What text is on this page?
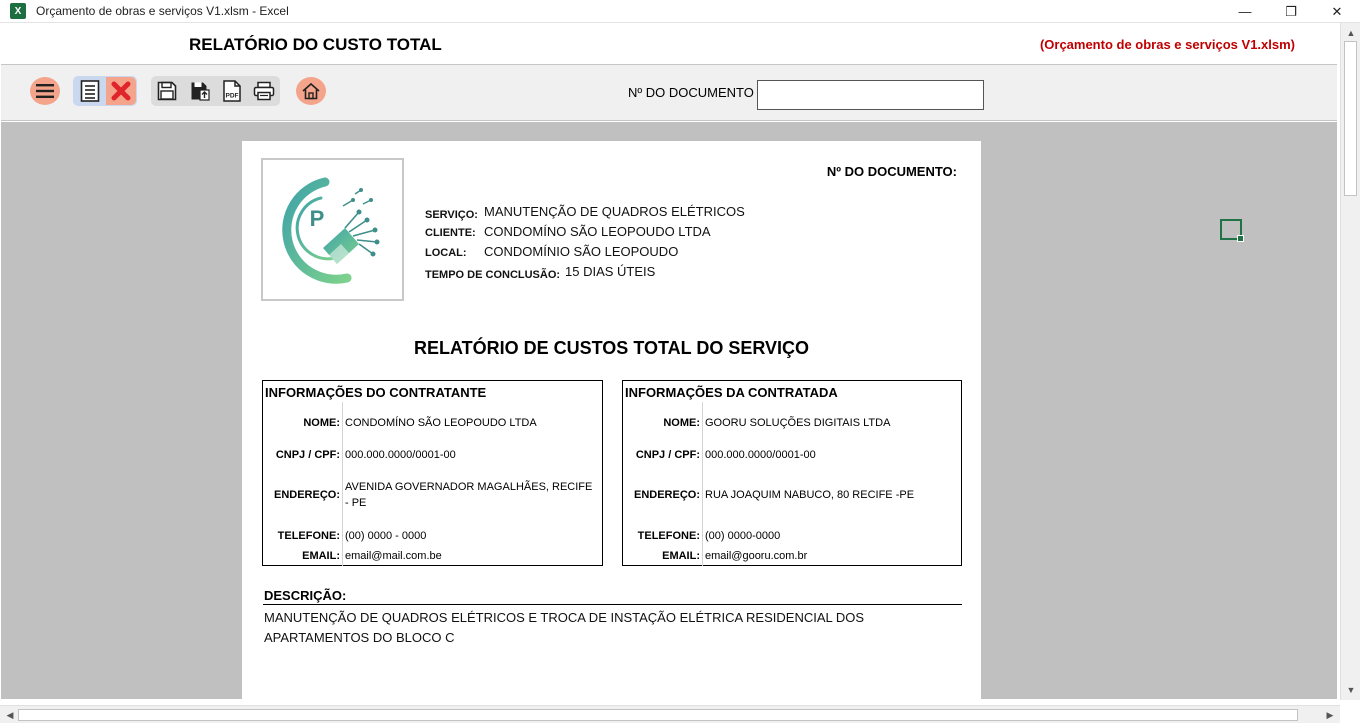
X	Orçamento de obras e serviços V1.xlsm - Excel	—	❐	✕
RELATÓRIO DO CUSTO TOTAL	(Orçamento de obras e serviços V1.xlsm)
PDF	Nº DO DOCUMENTO
P
Nº DO DOCUMENTO:
SERVIÇO: MANUTENÇÃO DE QUADROS ELÉTRICOS
CLIENTE: CONDOMÍNO SÃO LEOPOUDO LTDA
LOCAL: CONDOMÍNIO SÃO LEOPOUDO
TEMPO DE CONCLUSÃO: 15 DIAS ÚTEIS
RELATÓRIO DE CUSTOS TOTAL DO SERVIÇO
INFORMAÇÕES DO CONTRATANTE
NOME: CONDOMÍNO SÃO LEOPOUDO LTDA
CNPJ / CPF: 000.000.0000/0001-00
ENDEREÇO:
AVENIDA GOVERNADOR MAGALHÃES, RECIFE - PE
TELEFONE: (00) 0000 - 0000
EMAIL: email@mail.com.be
INFORMAÇÕES DA CONTRATADA
NOME: GOORU SOLUÇÕES DIGITAIS LTDA
CNPJ / CPF: 000.000.0000/0001-00
ENDEREÇO: RUA JOAQUIM NABUCO, 80 RECIFE -PE
TELEFONE: (00) 0000-0000
EMAIL: email@gooru.com.br
DESCRIÇÃO:
MANUTENÇÃO DE QUADROS ELÉTRICOS E TROCA DE INSTAÇÃO ELÉTRICA RESIDENCIAL DOS APARTAMENTOS DO BLOCO C
▲
▼
◀	▶
